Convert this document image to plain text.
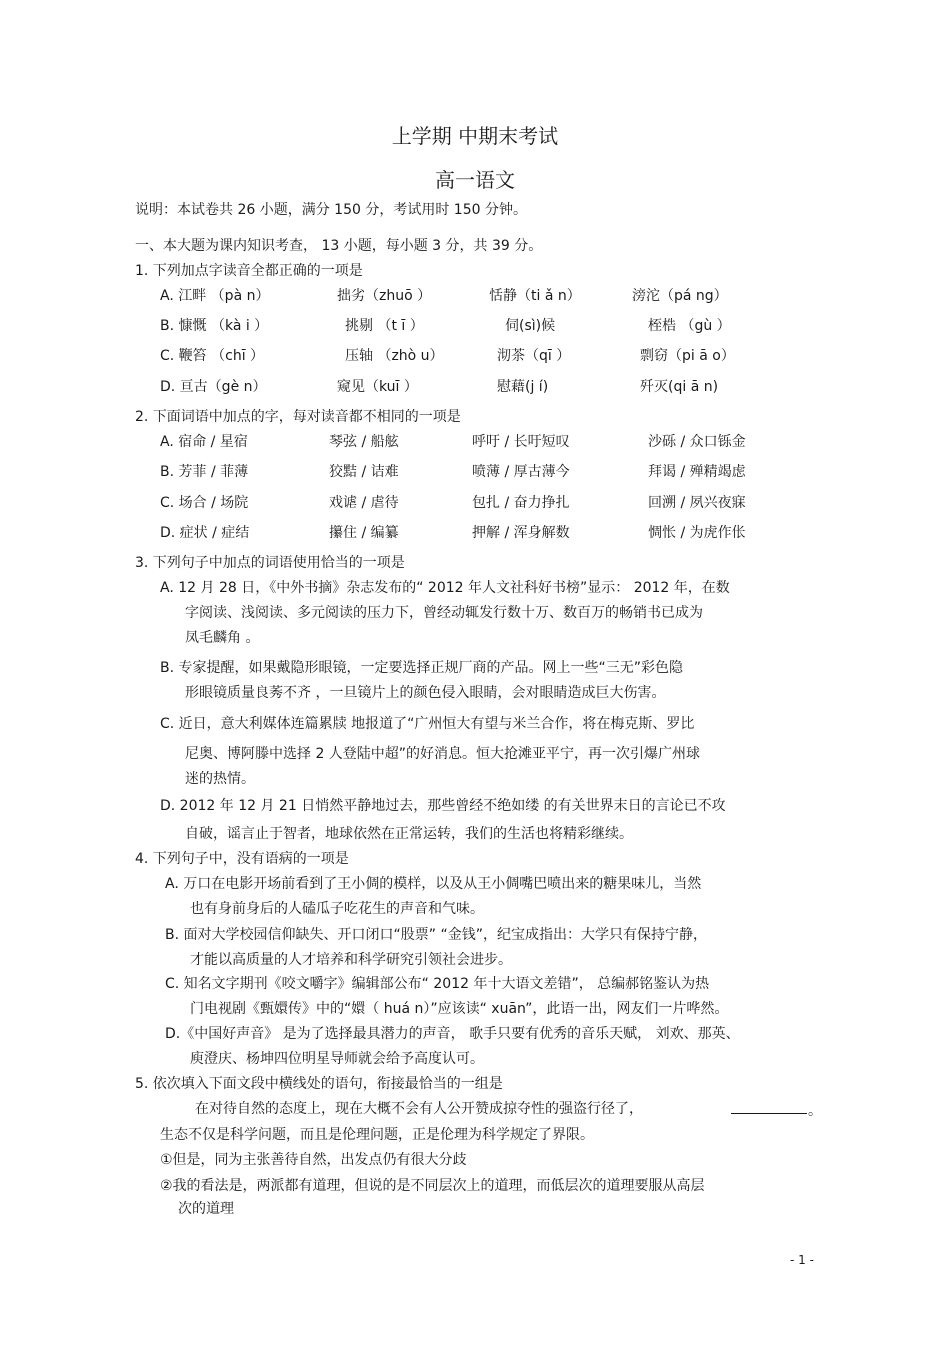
上学期 中期末考试
高一语文
说明：本试卷共 26 小题，满分 150 分，考试用时 150 分钟。
一、本大题为课内知识考查， 13 小题，每小题 3 分，共 39 分。
1. 下列加点字读音全都正确的一项是
A. 江畔 （pà n）	拙劣（zhuō ）	恬静（ti ǎ n）	滂沱（pá ng）
B. 慷慨 （kà i ）	挑剔 （t ī ）	伺(sì)候	桎梏 （gù ）
C. 鞭笞 （chī ）	压轴 （zhò u）	沏茶（qī ）	剽窃（pi ā o）
D. 亘古（gè n）	窥见（kuī ）	慰藉(j í)	歼灭(qi ā n)
2. 下面词语中加点的字，每对读音都不相同的一项是
A. 宿命 / 星宿	琴弦 / 船舷	呼吁 / 长吁短叹	沙砾 / 众口铄金
B. 芳菲 / 菲薄	狡黠 / 诘难	喷薄 / 厚古薄今	拜谒 / 殚精竭虑
C. 场合 / 场院	戏谑 / 虐待	包扎 / 奋力挣扎	回溯 / 夙兴夜寐
D. 症状 / 症结	攥住 / 编纂	押解 / 浑身解数	惆怅 / 为虎作伥
3. 下列句子中加点的词语使用恰当的一项是
A. 12 月 28 日，《中外书摘》杂志发布的“ 2012 年人文社科好书榜”显示： 2012 年，在数
字阅读、浅阅读、多元阅读的压力下，曾经动辄发行数十万、数百万的畅销书已成为
凤毛麟角 。
B. 专家提醒，如果戴隐形眼镜，一定要选择正规厂商的产品。网上一些“三无”彩色隐
形眼镜质量良莠不齐 ，一旦镜片上的颜色侵入眼睛，会对眼睛造成巨大伤害。
C. 近日，意大利媒体连篇累牍 地报道了“广州恒大有望与米兰合作，将在梅克斯、罗比
尼奥、博阿滕中选择 2 人登陆中超”的好消息。恒大抢滩亚平宁，再一次引爆广州球
迷的热情。
D. 2012 年 12 月 21 日悄然平静地过去，那些曾经不绝如缕 的有关世界末日的言论已不攻
自破，谣言止于智者，地球依然在正常运转，我们的生活也将精彩继续。
4. 下列句子中，没有语病的一项是
A. 万口在电影开场前看到了王小倜的模样，以及从王小倜嘴巴喷出来的糖果味儿，当然
也有身前身后的人磕瓜子吃花生的声音和气味。
B. 面对大学校园信仰缺失、开口闭口“股票” “金钱”，纪宝成指出：大学只有保持宁静，
才能以高质量的人才培养和科学研究引领社会进步。
C. 知名文字期刊《咬文嚼字》编辑部公布“ 2012 年十大语文差错”， 总编郝铭鉴认为热
门电视剧《甄嬛传》中的“嬛（ huá n）”应该读“ xuān”，此语一出，网友们一片哗然。
D.《中国好声音》 是为了选择最具潜力的声音， 歌手只要有优秀的音乐天赋， 刘欢、那英、
庾澄庆、杨坤四位明星导师就会给予高度认可。
5. 依次填入下面文段中横线处的语句，衔接最恰当的一组是
在对待自然的态度上，现在大概不会有人公开赞成掠夺性的强盗行径了，	。
生态不仅是科学问题，而且是伦理问题，正是伦理为科学规定了界限。
①但是，同为主张善待自然，出发点仍有很大分歧
②我的看法是，两派都有道理，但说的是不同层次上的道理，而低层次的道理要服从高层
次的道理
- 1 -
